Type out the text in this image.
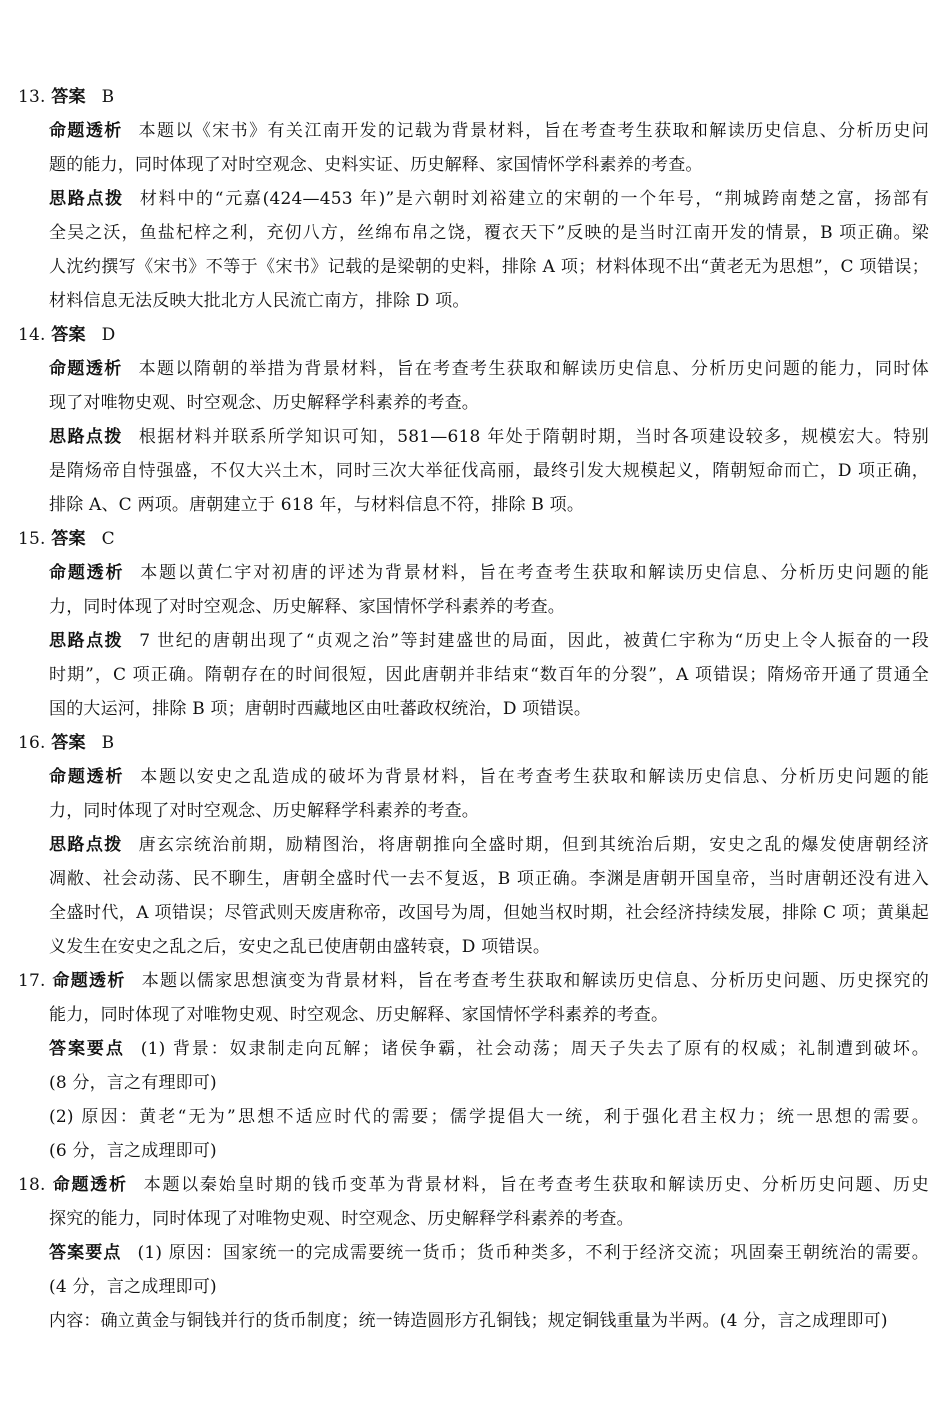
13. 答案 B
命题透析 本题以《宋书》有关江南开发的记载为背景材料，旨在考查考生获取和解读历史信息、分析历史问
题的能力，同时体现了对时空观念、史料实证、历史解释、家国情怀学科素养的考查。
思路点拨 材料中的“元嘉(424—453 年)”是六朝时刘裕建立的宋朝的一个年号，“荆城跨南楚之富，扬部有
全吴之沃，鱼盐杞梓之利，充仞八方，丝绵布帛之饶，覆衣天下”反映的是当时江南开发的情景，B 项正确。梁
人沈约撰写《宋书》不等于《宋书》记载的是梁朝的史料，排除 A 项；材料体现不出“黄老无为思想”，C 项错误；
材料信息无法反映大批北方人民流亡南方，排除 D 项。
14. 答案 D
命题透析 本题以隋朝的举措为背景材料，旨在考查考生获取和解读历史信息、分析历史问题的能力，同时体
现了对唯物史观、时空观念、历史解释学科素养的考查。
思路点拨 根据材料并联系所学知识可知，581—618 年处于隋朝时期，当时各项建设较多，规模宏大。特别
是隋炀帝自恃强盛，不仅大兴土木，同时三次大举征伐高丽，最终引发大规模起义，隋朝短命而亡，D 项正确，
排除 A、C 两项。唐朝建立于 618 年，与材料信息不符，排除 B 项。
15. 答案 C
命题透析 本题以黄仁宇对初唐的评述为背景材料，旨在考查考生获取和解读历史信息、分析历史问题的能
力，同时体现了对时空观念、历史解释、家国情怀学科素养的考查。
思路点拨 7 世纪的唐朝出现了“贞观之治”等封建盛世的局面，因此，被黄仁宇称为“历史上令人振奋的一段
时期”，C 项正确。隋朝存在的时间很短，因此唐朝并非结束“数百年的分裂”，A 项错误；隋炀帝开通了贯通全
国的大运河，排除 B 项；唐朝时西藏地区由吐蕃政权统治，D 项错误。
16. 答案 B
命题透析 本题以安史之乱造成的破坏为背景材料，旨在考查考生获取和解读历史信息、分析历史问题的能
力，同时体现了对时空观念、历史解释学科素养的考查。
思路点拨 唐玄宗统治前期，励精图治，将唐朝推向全盛时期，但到其统治后期，安史之乱的爆发使唐朝经济
凋敝、社会动荡、民不聊生，唐朝全盛时代一去不复返，B 项正确。李渊是唐朝开国皇帝，当时唐朝还没有进入
全盛时代，A 项错误；尽管武则天废唐称帝，改国号为周，但她当权时期，社会经济持续发展，排除 C 项；黄巢起
义发生在安史之乱之后，安史之乱已使唐朝由盛转衰，D 项错误。
17. 命题透析 本题以儒家思想演变为背景材料，旨在考查考生获取和解读历史信息、分析历史问题、历史探究的
能力，同时体现了对唯物史观、时空观念、历史解释、家国情怀学科素养的考查。
答案要点 (1) 背景：奴隶制走向瓦解；诸侯争霸，社会动荡；周天子失去了原有的权威；礼制遭到破坏。
(8 分，言之有理即可)
(2) 原因：黄老“无为”思想不适应时代的需要；儒学提倡大一统，利于强化君主权力；统一思想的需要。
(6 分，言之成理即可)
18. 命题透析 本题以秦始皇时期的钱币变革为背景材料，旨在考查考生获取和解读历史、分析历史问题、历史
探究的能力，同时体现了对唯物史观、时空观念、历史解释学科素养的考查。
答案要点 (1) 原因：国家统一的完成需要统一货币；货币种类多，不利于经济交流；巩固秦王朝统治的需要。
(4 分，言之成理即可)
内容：确立黄金与铜钱并行的货币制度；统一铸造圆形方孔铜钱；规定铜钱重量为半两。(4 分，言之成理即可)
